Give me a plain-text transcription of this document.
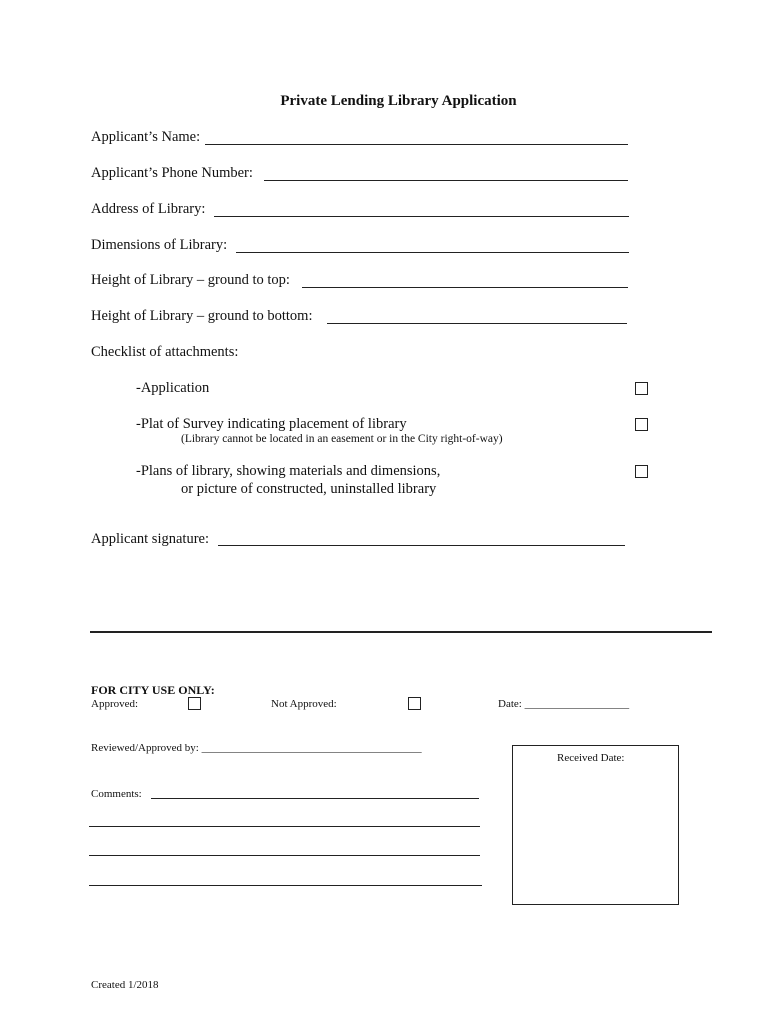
Private Lending Library Application
Applicant’s Name:
Applicant’s Phone Number:
Address of Library:
Dimensions of Library:
Height of Library – ground to top:
Height of Library – ground to bottom:
Checklist of attachments:
-Application
-Plat of Survey indicating placement of library
(Library cannot be located in an easement or in the City right-of-way)
-Plans of library, showing materials and dimensions,
or picture of constructed, uninstalled library
Applicant signature:
FOR CITY USE ONLY:
Approved:	Not Approved:	Date: ___________________
Reviewed/Approved by: ________________________________________
Comments:
Received Date:
Created 1/2018
